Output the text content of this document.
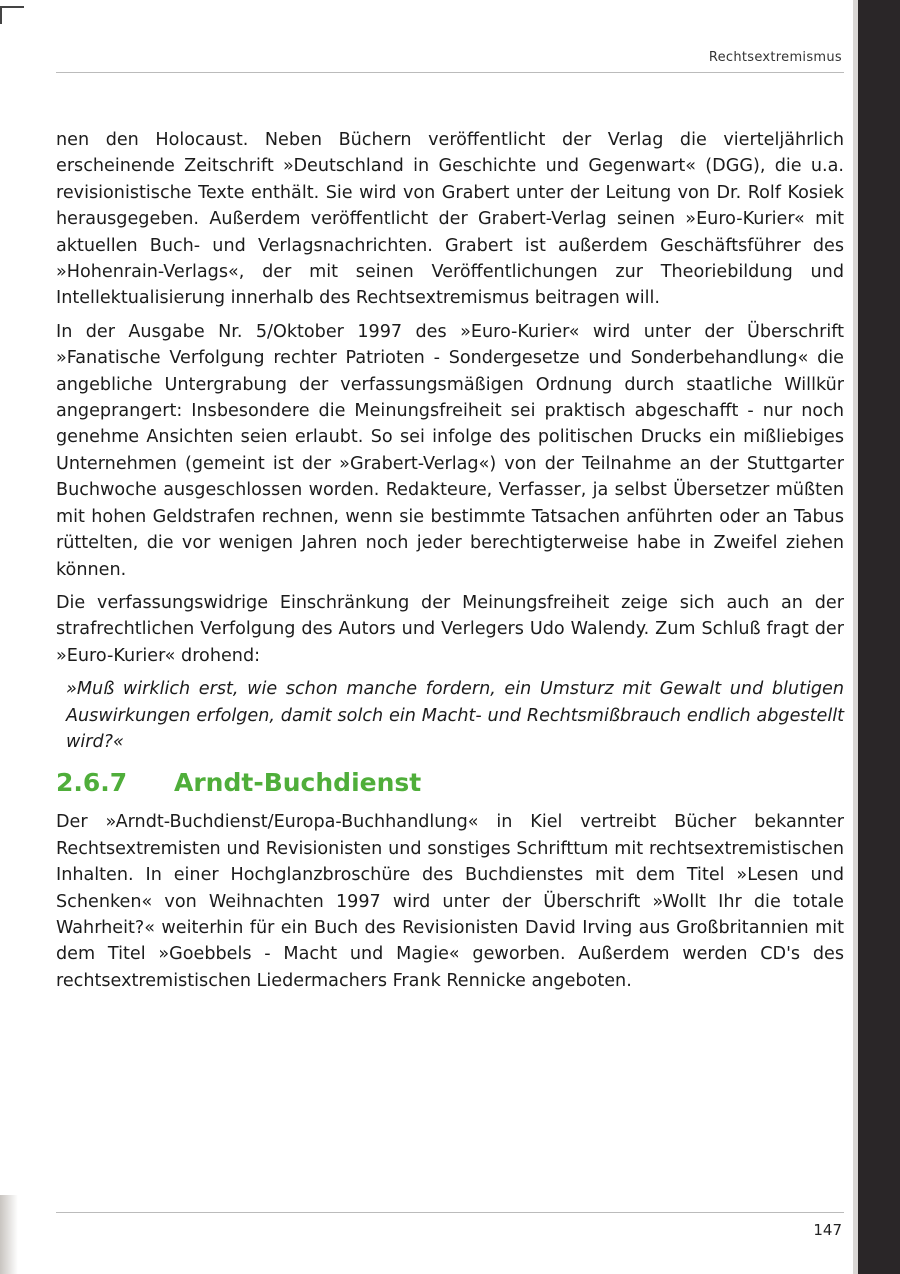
Rechtsextremismus

nen den Holocaust. Neben Büchern veröffentlicht der Verlag die vierteljährlich erscheinende Zeitschrift »Deutschland in Geschichte und Gegenwart« (DGG), die u.a. revisionistische Texte enthält. Sie wird von Grabert unter der Leitung von Dr. Rolf Kosiek herausgegeben. Außerdem veröffentlicht der Grabert-Verlag seinen »Euro-Kurier« mit aktuellen Buch- und Verlagsnachrichten. Grabert ist außerdem Geschäftsführer des »Hohenrain-Verlags«, der mit seinen Veröffentlichungen zur Theoriebildung und Intellektualisierung innerhalb des Rechtsextremismus beitragen will.

In der Ausgabe Nr. 5/Oktober 1997 des »Euro-Kurier« wird unter der Überschrift »Fanatische Verfolgung rechter Patrioten - Sondergesetze und Sonderbehandlung« die angebliche Untergrabung der verfassungsmäßigen Ordnung durch staatliche Willkür angeprangert: Insbesondere die Meinungsfreiheit sei praktisch abgeschafft - nur noch genehme Ansichten seien erlaubt. So sei infolge des politischen Drucks ein mißliebiges Unternehmen (gemeint ist der »Grabert-Verlag«) von der Teilnahme an der Stuttgarter Buchwoche ausgeschlossen worden. Redakteure, Verfasser, ja selbst Übersetzer müßten mit hohen Geldstrafen rechnen, wenn sie bestimmte Tatsachen anführten oder an Tabus rüttelten, die vor wenigen Jahren noch jeder berechtigterweise habe in Zweifel ziehen können.

Die verfassungswidrige Einschränkung der Meinungsfreiheit zeige sich auch an der strafrechtlichen Verfolgung des Autors und Verlegers Udo Walendy. Zum Schluß fragt der »Euro-Kurier« drohend:

»Muß wirklich erst, wie schon manche fordern, ein Umsturz mit Gewalt und blutigen Auswirkungen erfolgen, damit solch ein Macht- und Rechtsmißbrauch endlich abgestellt wird?«

2.6.7 Arndt-Buchdienst

Der »Arndt-Buchdienst/Europa-Buchhandlung« in Kiel vertreibt Bücher bekannter Rechtsextremisten und Revisionisten und sonstiges Schrifttum mit rechtsextremistischen Inhalten. In einer Hochglanzbroschüre des Buchdienstes mit dem Titel »Lesen und Schenken« von Weihnachten 1997 wird unter der Überschrift »Wollt Ihr die totale Wahrheit?« weiterhin für ein Buch des Revisionisten David Irving aus Großbritannien mit dem Titel »Goebbels - Macht und Magie« geworben. Außerdem werden CD's des rechtsextremistischen Liedermachers Frank Rennicke angeboten.

147
